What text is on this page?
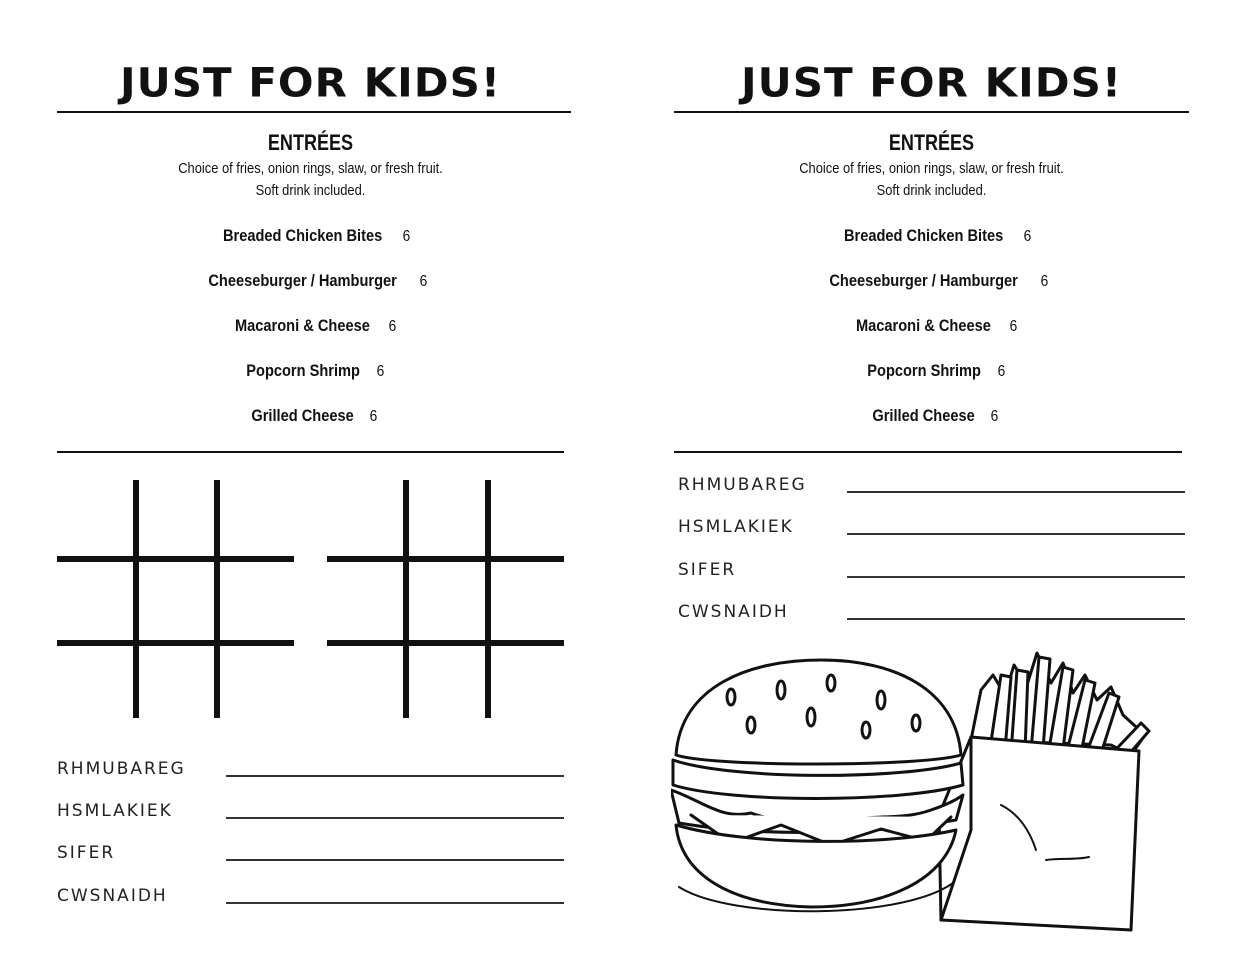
JUST FOR KIDS!
ENTRÉES
Choice of fries, onion rings, slaw, or fresh fruit.
Soft drink included.
Breaded Chicken Bites 6
Cheeseburger / Hamburger 6
Macaroni & Cheese 6
Popcorn Shrimp 6
Grilled Cheese 6
RHMUBAREG
HSMLAKIEK
SIFER
CWSNAIDH
JUST FOR KIDS!
ENTRÉES
Choice of fries, onion rings, slaw, or fresh fruit.
Soft drink included.
Breaded Chicken Bites 6
Cheeseburger / Hamburger 6
Macaroni & Cheese 6
Popcorn Shrimp 6
Grilled Cheese 6
RHMUBAREG
HSMLAKIEK
SIFER
CWSNAIDH
